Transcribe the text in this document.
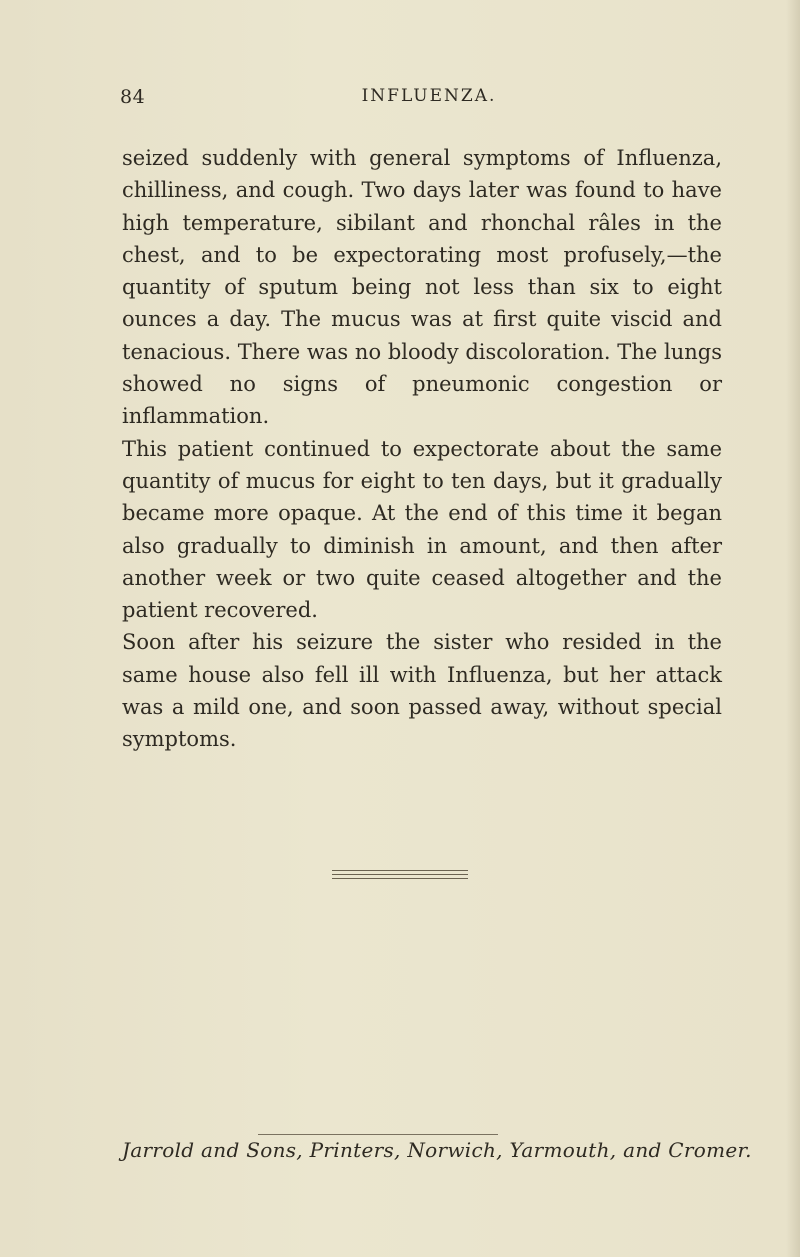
84	INFLUENZA.

seized suddenly with general symptoms of Influenza, chilliness, and cough. Two days later was found to have high temperature, sibilant and rhonchal râles in the chest, and to be expectorating most profusely,—the quantity of sputum being not less than six to eight ounces a day. The mucus was at first quite viscid and tenacious. There was no bloody discoloration. The lungs showed no signs of pneumonic congestion or inflammation.

This patient continued to expectorate about the same quantity of mucus for eight to ten days, but it gradually became more opaque. At the end of this time it began also gradually to diminish in amount, and then after another week or two quite ceased altogether and the patient recovered.

Soon after his seizure the sister who resided in the same house also fell ill with Influenza, but her attack was a mild one, and soon passed away, without special symptoms.

Jarrold and Sons, Printers, Norwich, Yarmouth, and Cromer.
